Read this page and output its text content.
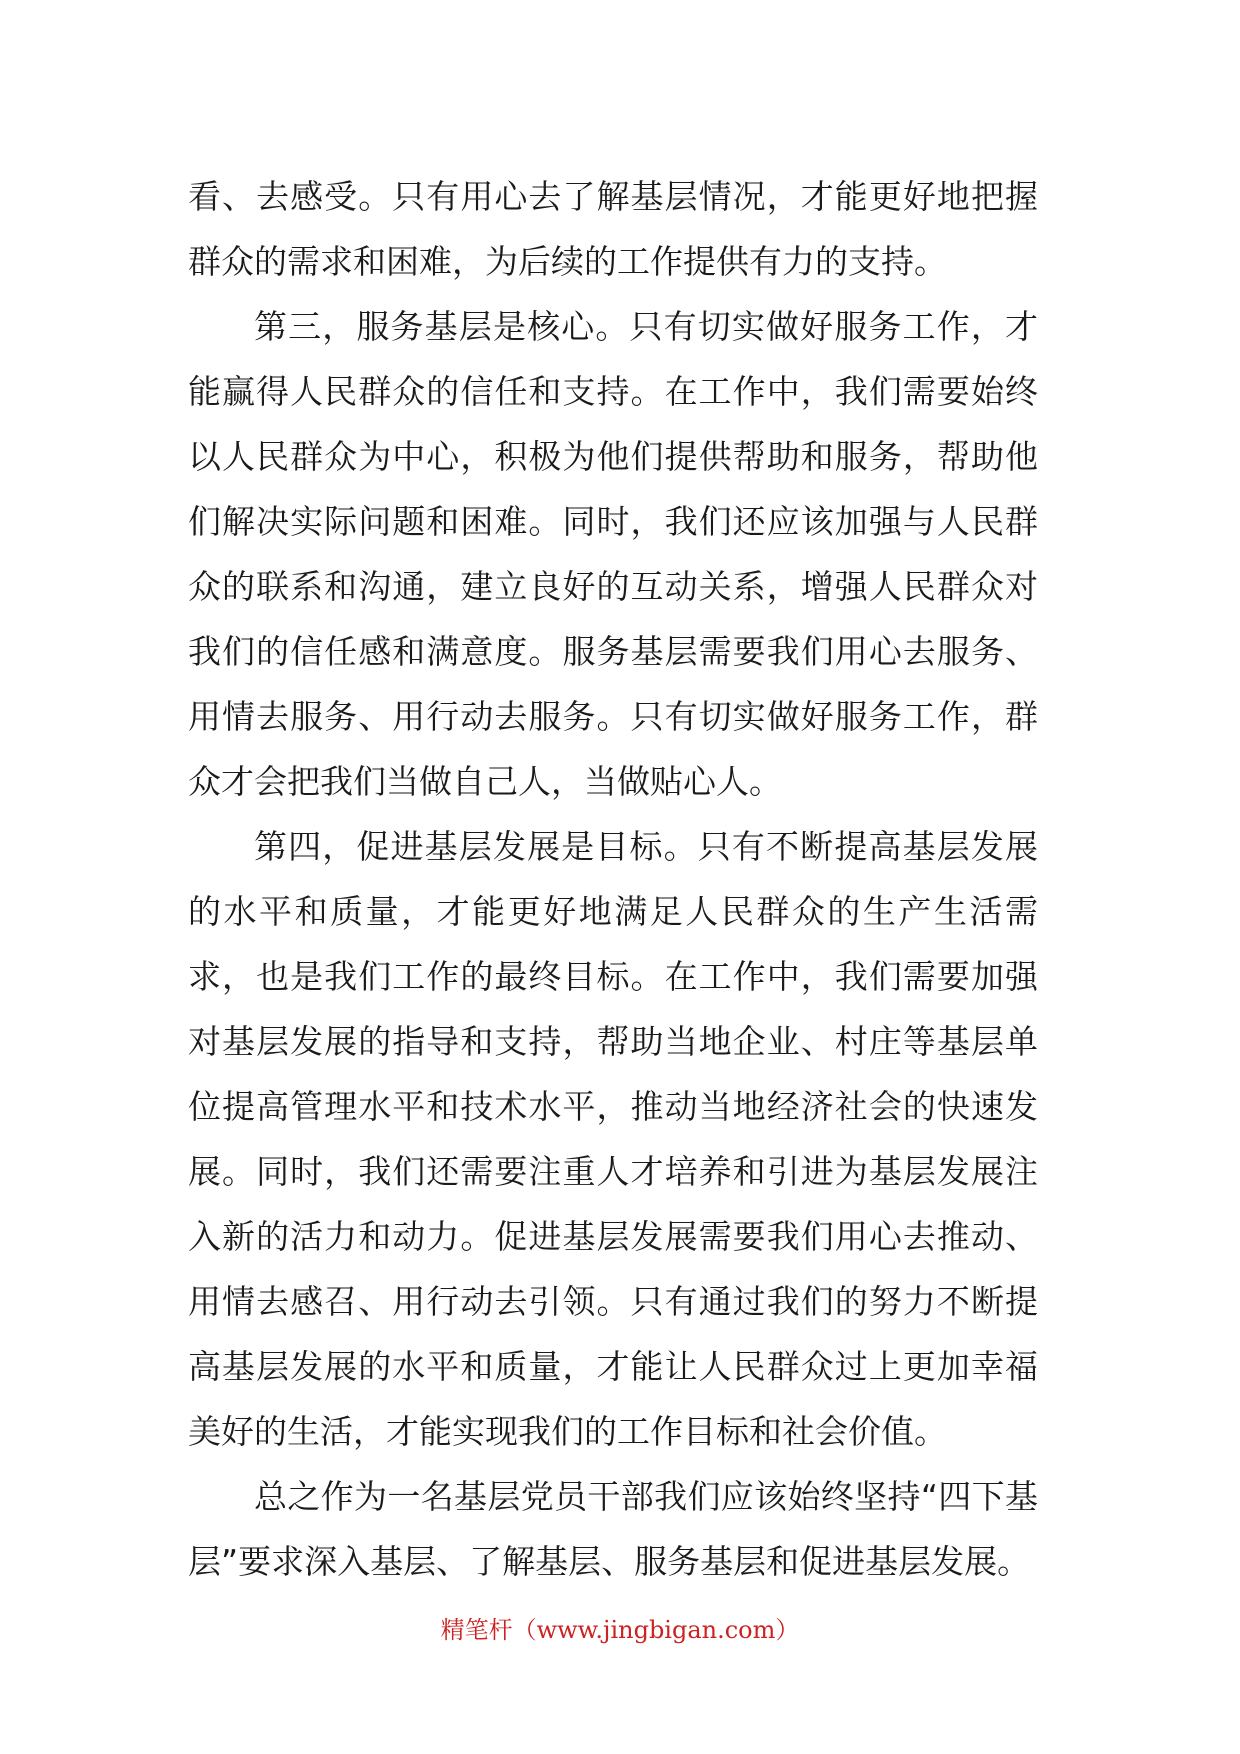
看、去感受。只有用心去了解基层情况，才能更好地把握群众的需求和困难，为后续的工作提供有力的支持。

第三，服务基层是核心。只有切实做好服务工作，才能赢得人民群众的信任和支持。在工作中，我们需要始终以人民群众为中心，积极为他们提供帮助和服务，帮助他们解决实际问题和困难。同时，我们还应该加强与人民群众的联系和沟通，建立良好的互动关系，增强人民群众对我们的信任感和满意度。服务基层需要我们用心去服务、用情去服务、用行动去服务。只有切实做好服务工作，群众才会把我们当做自己人，当做贴心人。

第四，促进基层发展是目标。只有不断提高基层发展的水平和质量，才能更好地满足人民群众的生产生活需求，也是我们工作的最终目标。在工作中，我们需要加强对基层发展的指导和支持，帮助当地企业、村庄等基层单位提高管理水平和技术水平，推动当地经济社会的快速发展。同时，我们还需要注重人才培养和引进为基层发展注入新的活力和动力。促进基层发展需要我们用心去推动、用情去感召、用行动去引领。只有通过我们的努力不断提高基层发展的水平和质量，才能让人民群众过上更加幸福美好的生活，才能实现我们的工作目标和社会价值。

总之作为一名基层党员干部我们应该始终坚持“四下基层”要求深入基层、了解基层、服务基层和促进基层发展。

精笔杆（www.jingbigan.com）
